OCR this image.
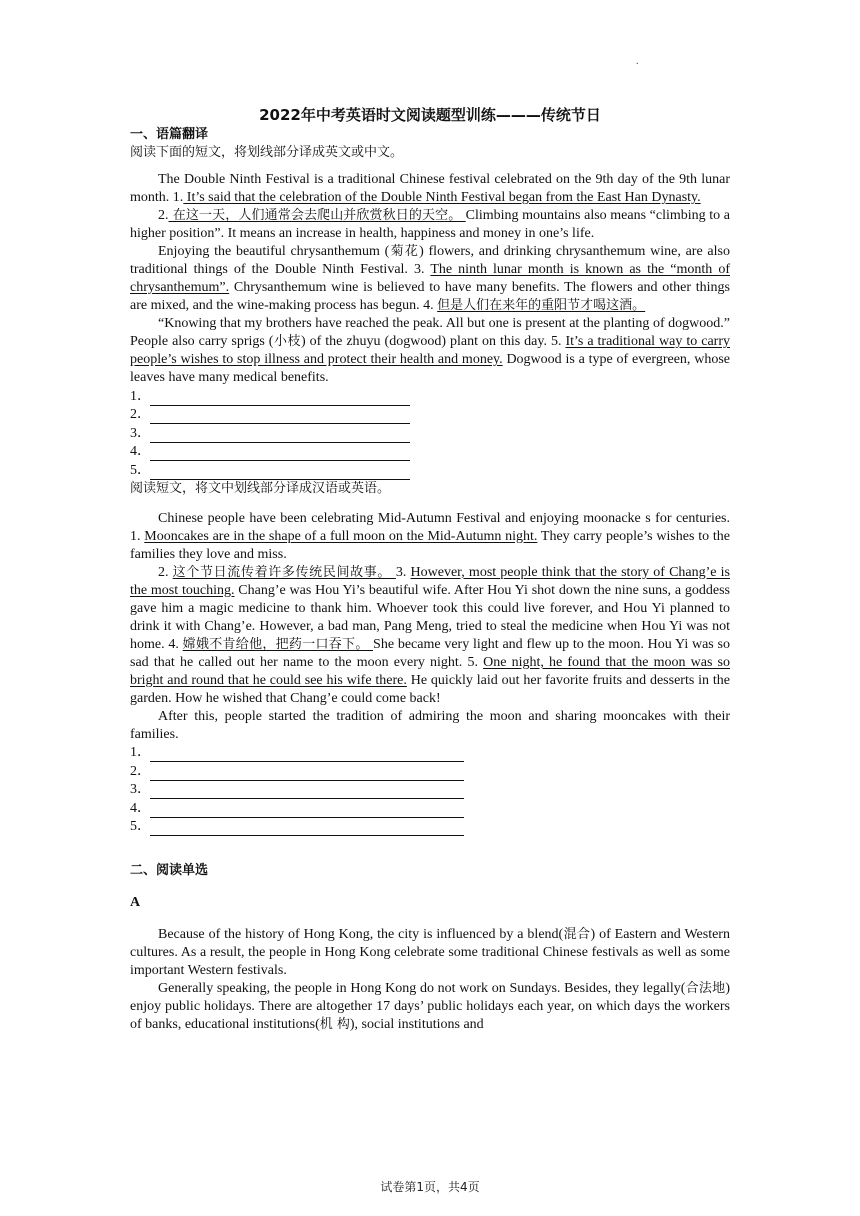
.
2022年中考英语时文阅读题型训练———传统节日
一、语篇翻译
阅读下面的短文，将划线部分译成英文或中文。

The Double Ninth Festival is a traditional Chinese festival celebrated on the 9th day of the 9th lunar month. 1. It’s said that the celebration of the Double Ninth Festival began from the East Han Dynasty.

2. 在这一天，人们通常会去爬山并欣赏秋日的天空。 Climbing mountains also means “climbing to a higher position”. It means an increase in health, happiness and money in one’s life.

Enjoying the beautiful chrysanthemum (菊花) flowers, and drinking chrysanthemum wine, are also traditional things of the Double Ninth Festival. 3. The ninth lunar month is known as the “month of chrysanthemum”. Chrysanthemum wine is believed to have many benefits. The flowers and other things are mixed, and the wine-making process has begun. 4. 但是人们在来年的重阳节才喝这酒。

“Knowing that my brothers have reached the peak. All but one is present at the planting of dogwood.” People also carry sprigs (小枝) of the zhuyu (dogwood) plant on this day. 5. It’s a traditional way to carry people’s wishes to stop illness and protect their health and money. Dogwood is a type of evergreen, whose leaves have many medical benefits.

1．
2．
3．
4．
5．
阅读短文，将文中划线部分译成汉语或英语。

Chinese people have been celebrating Mid-Autumn Festival and enjoying moonacke s for centuries. 1. Mooncakes are in the shape of a full moon on the Mid-Autumn night. They carry people’s wishes to the families they love and miss.

2. 这个节日流传着许多传统民间故事。 3. However, most people think that the story of Chang’e is the most touching. Chang’e was Hou Yi’s beautiful wife. After Hou Yi shot down the nine suns, a goddess gave him a magic medicine to thank him. Whoever took this could live forever, and Hou Yi planned to drink it with Chang’e. However, a bad man, Pang Meng, tried to steal the medicine when Hou Yi was not home. 4. 嫦娥不肯给他，把药一口吞下。 She became very light and flew up to the moon. Hou Yi was so sad that he called out her name to the moon every night. 5. One night, he found that the moon was so bright and round that he could see his wife there. He quickly laid out her favorite fruits and desserts in the garden. How he wished that Chang’e could come back!

After this, people started the tradition of admiring the moon and sharing mooncakes with their families.

1．
2．
3．
4．
5．
二、阅读单选
A

Because of the history of Hong Kong, the city is influenced by a blend(混合) of Eastern and Western cultures. As a result, the people in Hong Kong celebrate some traditional Chinese festivals as well as some important Western festivals.

Generally speaking, the people in Hong Kong do not work on Sundays. Besides, they legally(合法地) enjoy public holidays. There are altogether 17 days’ public holidays each year, on which days the workers of banks, educational institutions(机 构), social institutions and

试卷第1页，共4页
